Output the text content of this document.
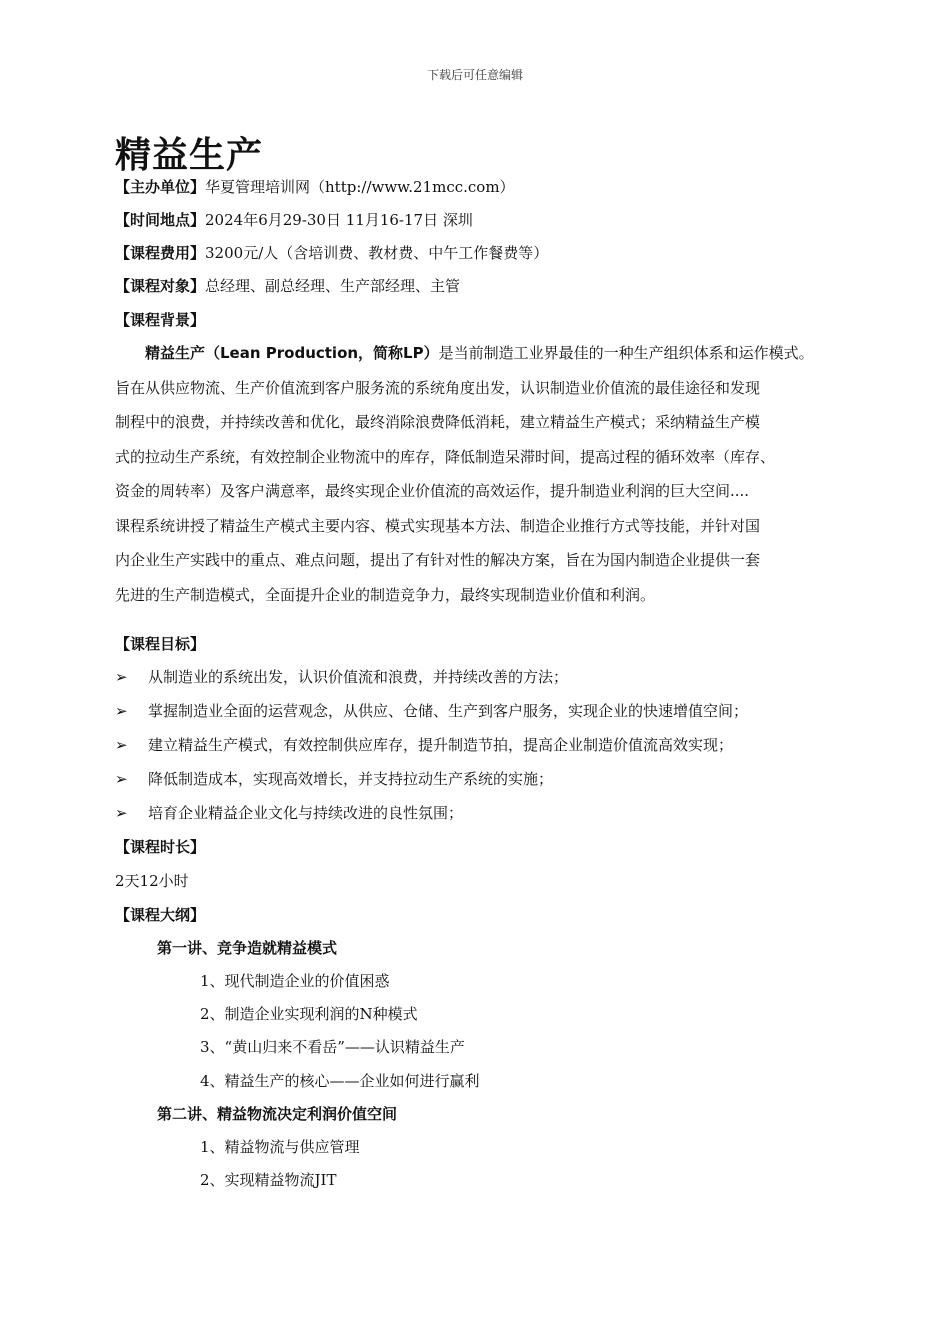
下载后可任意编辑
精益生产
【主办单位】华夏管理培训网（http://www.21mcc.com）
【时间地点】2024年6月29-30日 11月16-17日 深圳
【课程费用】3200元/人（含培训费、教材费、中午工作餐费等）
【课程对象】总经理、副总经理、生产部经理、主管
【课程背景】
精益生产（Lean Production，简称LP）是当前制造工业界最佳的一种生产组织体系和运作模式。
旨在从供应物流、生产价值流到客户服务流的系统角度出发，认识制造业价值流的最佳途径和发现
制程中的浪费，并持续改善和优化，最终消除浪费降低消耗，建立精益生产模式；采纳精益生产模
式的拉动生产系统，有效控制企业物流中的库存，降低制造呆滞时间，提高过程的循环效率（库存、
资金的周转率）及客户满意率，最终实现企业价值流的高效运作，提升制造业利润的巨大空间....
课程系统讲授了精益生产模式主要内容、模式实现基本方法、制造企业推行方式等技能，并针对国
内企业生产实践中的重点、难点问题，提出了有针对性的解决方案，旨在为国内制造企业提供一套
先进的生产制造模式，全面提升企业的制造竞争力，最终实现制造业价值和利润。
【课程目标】
➢ 从制造业的系统出发，认识价值流和浪费，并持续改善的方法；
➢ 掌握制造业全面的运营观念，从供应、仓储、生产到客户服务，实现企业的快速增值空间；
➢ 建立精益生产模式，有效控制供应库存，提升制造节拍，提高企业制造价值流高效实现；
➢ 降低制造成本，实现高效增长，并支持拉动生产系统的实施；
➢ 培育企业精益企业文化与持续改进的良性氛围；
【课程时长】
2天12小时
【课程大纲】
第一讲、竞争造就精益模式
1、现代制造企业的价值困惑
2、制造企业实现利润的N种模式
3、“黄山归来不看岳”——认识精益生产
4、精益生产的核心——企业如何进行赢利
第二讲、精益物流决定利润价值空间
1、精益物流与供应管理
2、实现精益物流JIT
